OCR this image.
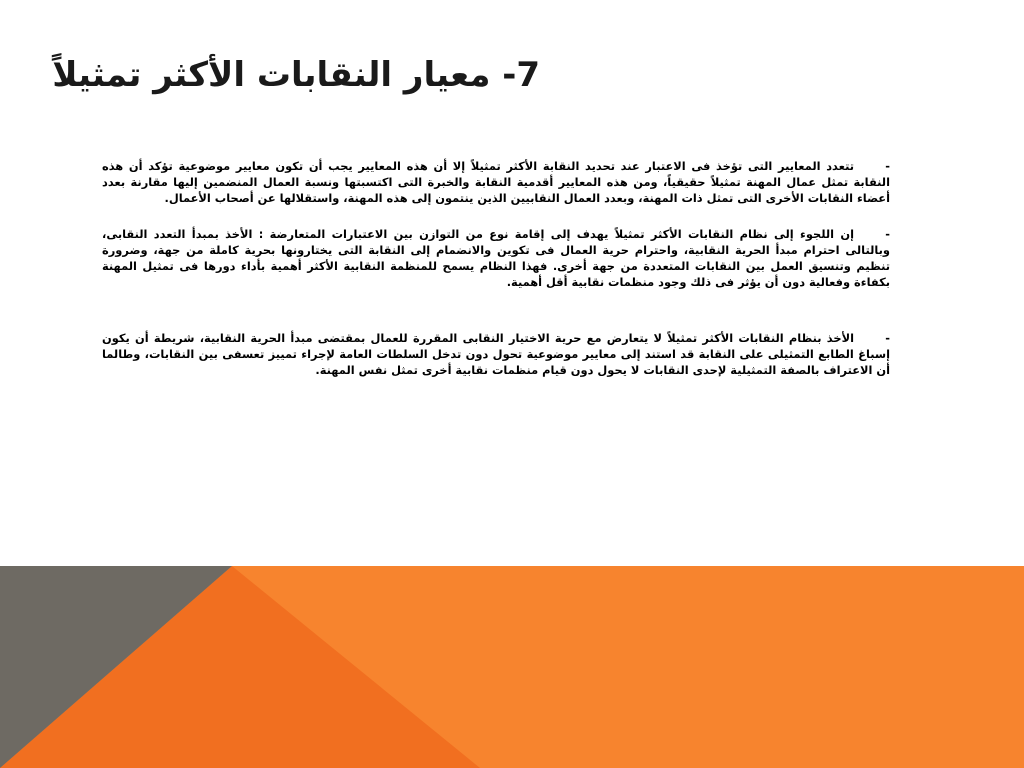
7- معيار النقابات الأكثر تمثيلاً

-تتعدد المعايير التى تؤخذ فى الاعتبار عند تحديد النقابة الأكثر تمثيلاً إلا أن هذه المعايير يجب أن تكون معايير موضوعية تؤكد أن هذه النقابة تمثل عمال المهنة تمثيلاً حقيقياً، ومن هذه المعايير أقدمية النقابة والخبرة التى اكتسبتها ونسبة العمال المنضمين إليها مقارنة بعدد أعضاء النقابات الأخرى التى تمثل ذات المهنة، وبعدد العمال النقابيين الذين ينتمون إلى هذه المهنة، واستقلالها عن أصحاب الأعمال.

-إن اللجوء إلى نظام النقابات الأكثر تمثيلاً يهدف إلى إقامة نوع من التوازن بين الاعتبارات المتعارضة : الأخذ بمبدأ التعدد النقابى، وبالتالى احترام مبدأ الحرية النقابية، واحترام حرية العمال فى تكوين والانضمام إلى النقابة التى يختارونها بحرية كاملة من جهة، وضرورة تنظيم وتنسيق العمل بين النقابات المتعددة من جهة أخرى. فهذا النظام يسمح للمنظمة النقابية الأكثر أهمية بأداء دورها فى تمثيل المهنة بكفاءة وفعالية دون أن يؤثر فى ذلك وجود منظمات نقابية أقل أهمية.

-الأخذ بنظام النقابات الأكثر تمثيلاً لا يتعارض مع حرية الاختيار النقابى المقررة للعمال بمقتضى مبدأ الحرية النقابية، شريطة أن يكون إسباغ الطابع التمثيلى على النقابة قد استند إلى معايير موضوعية تحول دون تدخل السلطات العامة لإجراء تمييز تعسفى بين النقابات، وطالما أن الاعتراف بالصفة التمثيلية لإحدى النقابات لا يحول دون قيام منظمات نقابية أخرى تمثل نفس المهنة.
